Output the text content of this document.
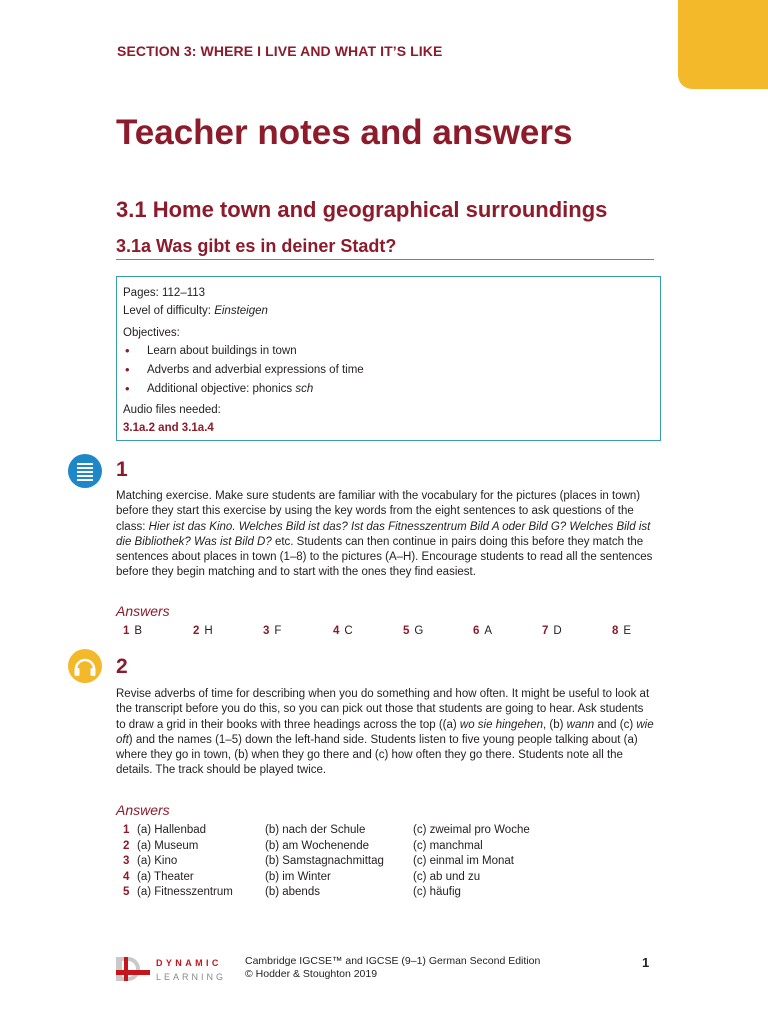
SECTION 3: WHERE I LIVE AND WHAT IT’S LIKE
Teacher notes and answers
3.1 Home town and geographical surroundings
3.1a Was gibt es in deiner Stadt?
Pages: 112–113
Level of difficulty: Einsteigen
Objectives:
• Learn about buildings in town
• Adverbs and adverbial expressions of time
• Additional objective: phonics sch
Audio files needed:
3.1a.2 and 3.1a.4
1

Matching exercise. Make sure students are familiar with the vocabulary for the pictures (places in town) before they start this exercise by using the key words from the eight sentences to ask questions of the class: Hier ist das Kino. Welches Bild ist das? Ist das Fitnesszentrum Bild A oder Bild G? Welches Bild ist die Bibliothek? Was ist Bild D? etc. Students can then continue in pairs doing this before they match the sentences about places in town (1–8) to the pictures (A–H). Encourage students to read all the sentences before they begin matching and to start with the ones they find easiest.

Answers
1 B	2 H	3 F	4 C	5 G	6 A	7 D	8 E
2

Revise adverbs of time for describing when you do something and how often. It might be useful to look at the transcript before you do this, so you can pick out those that students are going to hear. Ask students to draw a grid in their books with three headings across the top ((a) wo sie hingehen, (b) wann and (c) wie oft) and the names (1–5) down the left-hand side. Students listen to five young people talking about (a) where they go in town, (b) when they go there and (c) how often they go there. Students note all the details. The track should be played twice.

Answers
1 (a) Hallenbad	(b) nach der Schule	(c) zweimal pro Woche
2 (a) Museum	(b) am Wochenende	(c) manchmal
3 (a) Kino	(b) Samstagnachmittag	(c) einmal im Monat
4 (a) Theater	(b) im Winter	(c) ab und zu
5 (a) Fitnesszentrum	(b) abends	(c) häufig
DYNAMIC
LEARNING
Cambridge IGCSE™ and IGCSE (9–1) German Second Edition
© Hodder & Stoughton 2019
1
